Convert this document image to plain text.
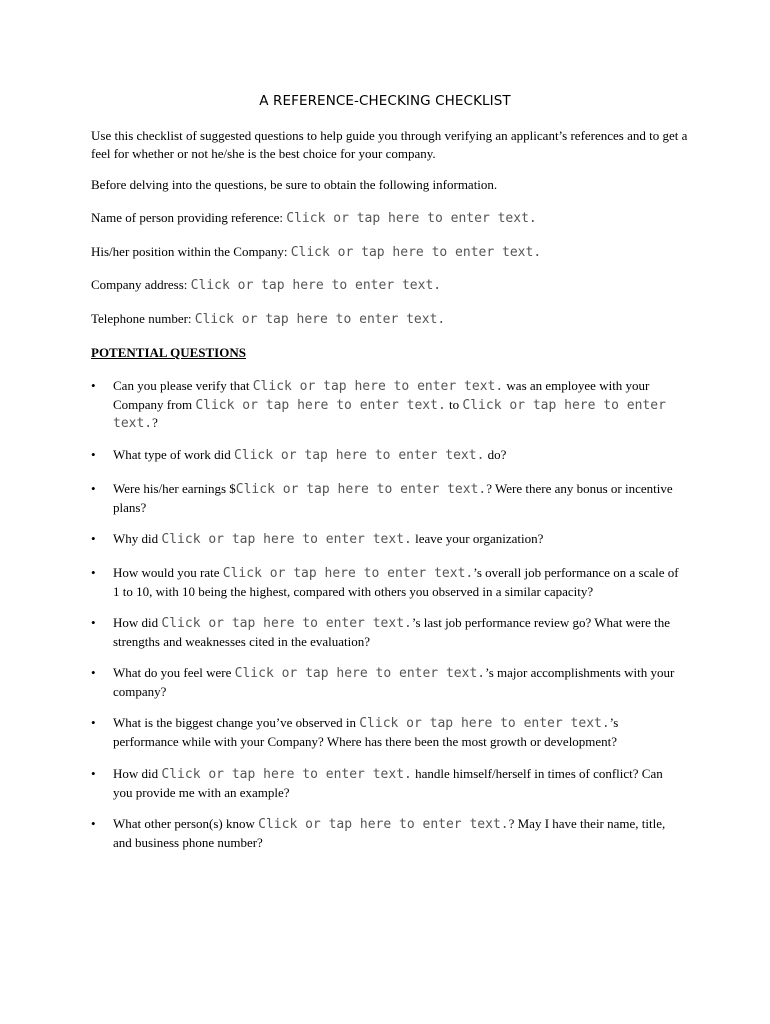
A REFERENCE-CHECKING CHECKLIST
Use this checklist of suggested questions to help guide you through verifying an applicant’s references and to get a feel for whether or not he/she is the best choice for your company.
Before delving into the questions, be sure to obtain the following information.
Name of person providing reference: Click or tap here to enter text.
His/her position within the Company: Click or tap here to enter text.
Company address: Click or tap here to enter text.
Telephone number: Click or tap here to enter text.
POTENTIAL QUESTIONS
•	Can you please verify that Click or tap here to enter text. was an employee with your Company from Click or tap here to enter text. to Click or tap here to enter text.?
•	What type of work did Click or tap here to enter text. do?
•	Were his/her earnings $Click or tap here to enter text.? Were there any bonus or incentive plans?
•	Why did Click or tap here to enter text. leave your organization?
•	How would you rate Click or tap here to enter text.’s overall job performance on a scale of 1 to 10, with 10 being the highest, compared with others you observed in a similar capacity?
•	How did Click or tap here to enter text.’s last job performance review go? What were the strengths and weaknesses cited in the evaluation?
•	What do you feel were Click or tap here to enter text.’s major accomplishments with your company?
•	What is the biggest change you’ve observed in Click or tap here to enter text.’s performance while with your Company? Where has there been the most growth or development?
•	How did Click or tap here to enter text. handle himself/herself in times of conflict? Can you provide me with an example?
•	What other person(s) know Click or tap here to enter text.? May I have their name, title, and business phone number?
